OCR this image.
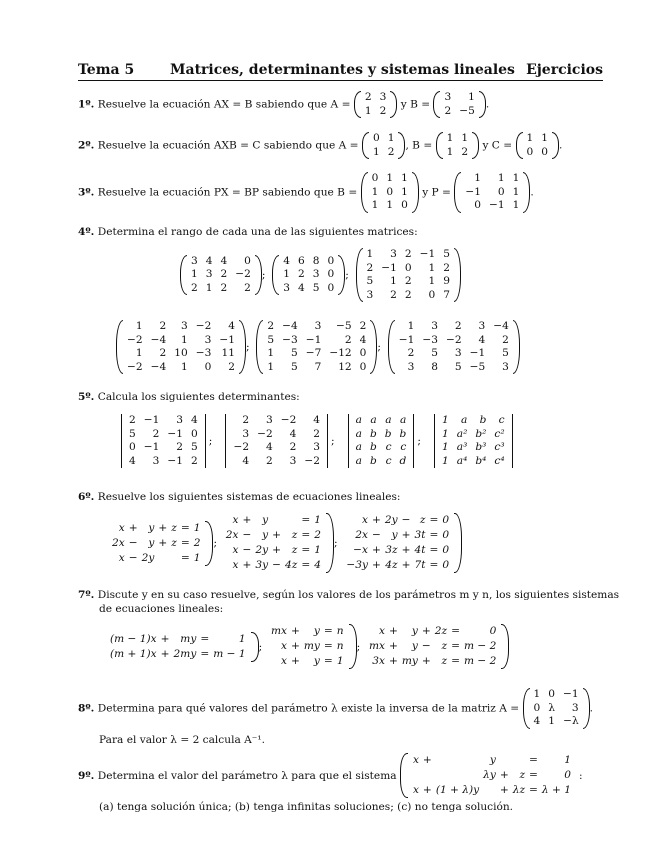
Tema 5	Matrices, determinantes y sistemas lineales Ejercicios
1º. Resuelve la ecuación AX = B sabiendo que A =
2	3
1	2 y B =
3	1
2	−5 .
2º. Resuelve la ecuación AXB = C sabiendo que A =
0	1
1	2 , B =
1	1
1	2 y C =
1	1
0	0 .
3º. Resuelve la ecuación PX = BP sabiendo que B =
0	1	1
1	0	1
1	1	0
y P =
1	1	1
−1	0	1
0	−1	1
.
4º. Determina el rango de cada una de las siguientes matrices:
3	4	4	0
1	3	2	−2
2	1	2	2
;
4	6	8	0
1	2	3	0
3	4	5	0
;
1	3	2	−1	5
2	−1	0	1	2
5	1	2	1	9
3	2	2	0	7
1	2	3	−2	4
−2	−4	1	3	−1
1	2	10	−3	11
−2	−4	1	0	2
;
2	−4	3	−5	2
5	−3	−1	2	4
1	5	−7	−12	0
1	5	7	12	0
;
1	3	2	3	−4
−1	−3	−2	4	2
2	5	3	−1	5
3	8	5	−5	3
5º. Calcula los siguientes determinantes:
2	−1	3	4
5	2	−1	0
0	−1	2	5
4	3	−1	2
;
2	3	−2	4
3	−2	4	2
−2	4	2	3
4	2	3	−2
;
a	a	a	a
a	b	b	b
a	b	c	c
a	b	c	d
;
1	a	b	c
1	a²	b²	c²
1	a³	b³	c³
1	a⁴	b⁴	c⁴
6º. Resuelve los siguientes sistemas de ecuaciones lineales:
x	+	y	+	z	=	1
2x	−	y	+	z	=	2
x	−	2y			=	1
;

x	+	y			=	1
2x	−	y	+	z	=	2
x	−	2y	+	z	=	1
x	+	3y	−	4z	=	4
;

x	+	2y	−	z	=	0
2x	−	y	+	3t	=	0
−x	+	3z	+	4t	=	0
−3y	+	4z	+	7t	=	0
7º. Discute y en su caso resuelve, según los valores de los parámetros m y n, los siguientes sistemas
de ecuaciones lineales:
(m − 1)x	+	my	=	1
(m + 1)x	+	2my	=	m − 1
;

mx	+	y	=	n
x	+	my	=	n
x	+	y	=	1
;

x	+	y	+	2z	=	0
mx	+	y	−	z	=	m − 2
3x	+	my	+	z	=	m − 2
8º. Determina para qué valores del parámetro λ existe la inversa de la matriz A =
1	0	−1
0	λ	3
4	1	−λ
.
Para el valor λ = 2 calcula A⁻¹.
9º.
Determina el valor del parámetro λ para que el sistema

x	+		y			=	1
			λy	+	z	=	0
x	+	(1 + λ)y		+	λz	=	λ + 1
:
(a) tenga solución única; (b) tenga infinitas soluciones; (c) no tenga solución.
